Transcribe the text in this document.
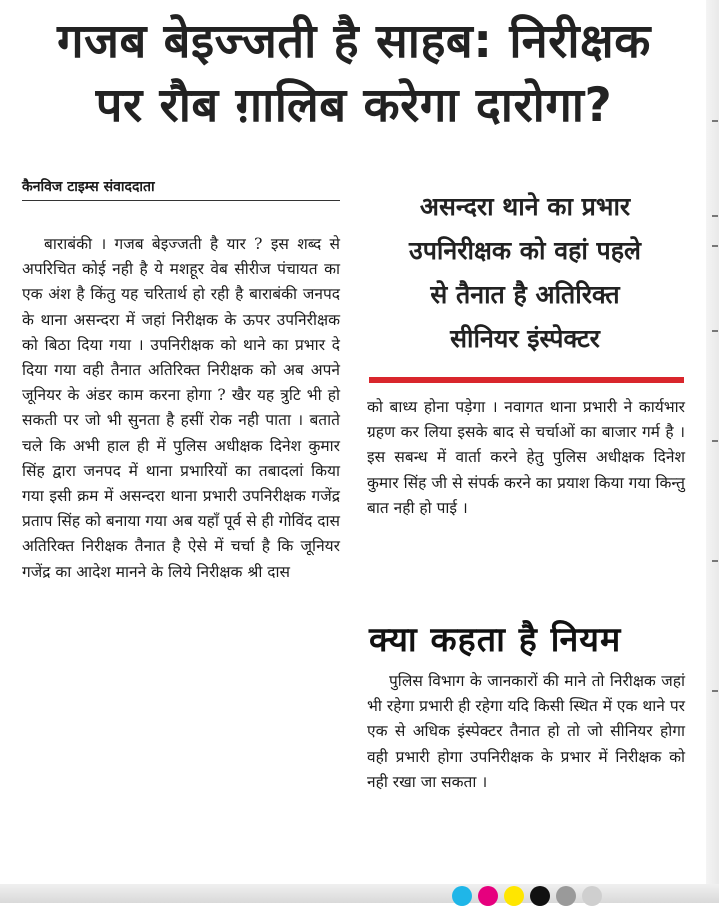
गजब बेइज्जती है साहब: निरीक्षक
पर रौब ग़ालिब करेगा दारोगा?
कैनविज टाइम्स संवाददाता

बाराबंकी । गजब बेइज्जती है यार ? इस शब्द से अपरिचित कोई नही है ये मशहूर वेब सीरीज पंचायत का एक अंश है किंतु यह चरितार्थ हो रही है बाराबंकी जनपद के थाना असन्दरा में जहां निरीक्षक के ऊपर उपनिरीक्षक को बिठा दिया गया । उपनिरीक्षक को थाने का प्रभार दे दिया गया वही तैनात अतिरिक्त निरीक्षक को अब अपने जूनियर के अंडर काम करना होगा ? खैर यह त्रुटि भी हो सकती पर जो भी सुनता है हसीं रोक नही पाता । बताते चले कि अभी हाल ही में पुलिस अधीक्षक दिनेश कुमार सिंह द्वारा जनपद में थाना प्रभारियों का तबादलां किया गया इसी क्रम में असन्दरा थाना प्रभारी उपनिरीक्षक गजेंद्र प्रताप सिंह को बनाया गया अब यहाँ पूर्व से ही गोविंद दास अतिरिक्त निरीक्षक तैनात है ऐसे में चर्चा है कि जूनियर गजेंद्र का आदेश मानने के लिये निरीक्षक श्री दास

असन्दरा थाने का प्रभार
उपनिरीक्षक को वहां पहले
से तैनात है अतिरिक्त
सीनियर इंस्पेक्टर

को बाध्य होना पड़ेगा । नवागत थाना प्रभारी ने कार्यभार ग्रहण कर लिया इसके बाद से चर्चाओं का बाजार गर्म है । इस सबन्ध में वार्ता करने हेतु पुलिस अधीक्षक दिनेश कुमार सिंह जी से संपर्क करने का प्रयाश किया गया किन्तु बात नही हो पाई ।

क्या कहता है नियम

पुलिस विभाग के जानकारों की माने तो निरीक्षक जहां भी रहेगा प्रभारी ही रहेगा यदि किसी स्थित में एक थाने पर एक से अधिक इंस्पेक्टर तैनात हो तो जो सीनियर होगा वही प्रभारी होगा उपनिरीक्षक के प्रभार में निरीक्षक को नही रखा जा सकता ।
